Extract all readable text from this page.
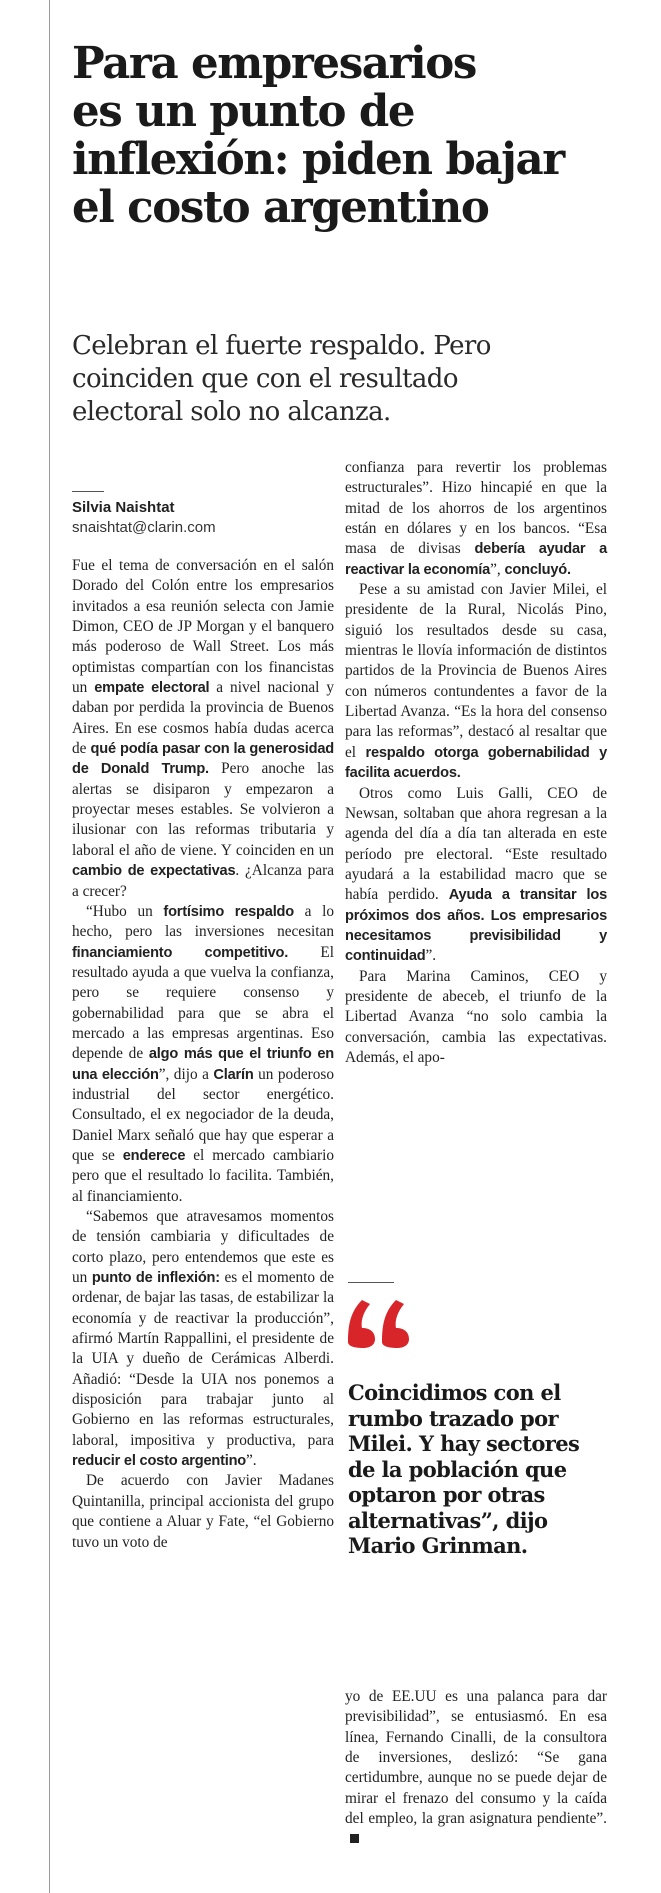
Para empresarios
es un punto de
inflexión: piden bajar
el costo argentino
Celebran el fuerte respaldo. Pero
coinciden que con el resultado
electoral solo no alcanza.
Silvia Naishtat
snaishtat@clarin.com

Fue el tema de conversación en el salón Dorado del Colón entre los empresarios invitados a esa reunión selecta con Jamie Dimon, CEO de JP Morgan y el banquero más poderoso de Wall Street. Los más optimistas compartían con los financistas un empate electoral a nivel nacional y daban por perdida la provincia de Buenos Aires. En ese cosmos había dudas acerca de qué podía pasar con la generosidad de Donald Trump. Pero anoche las alertas se disiparon y empezaron a proyectar meses estables. Se volvieron a ilusionar con las reformas tributaria y laboral el año de viene. Y coinciden en un cambio de expectativas. ¿Alcanza para a crecer?

“Hubo un fortísimo respaldo a lo hecho, pero las inversiones necesitan financiamiento competitivo. El resultado ayuda a que vuelva la confianza, pero se requiere consenso y gobernabilidad para que se abra el mercado a las empresas argentinas. Eso depende de algo más que el triunfo en una elección”, dijo a Clarín un poderoso industrial del sector energético. Consultado, el ex negociador de la deuda, Daniel Marx señaló que hay que esperar a que se enderece el mercado cambiario pero que el resultado lo facilita. También, al financiamiento.

“Sabemos que atravesamos momentos de tensión cambiaria y dificultades de corto plazo, pero entendemos que este es un punto de inflexión: es el momento de ordenar, de bajar las tasas, de estabilizar la economía y de reactivar la producción”, afirmó Martín Rappallini, el presidente de la UIA y dueño de Cerámicas Alberdi. Añadió: “Desde la UIA nos ponemos a disposición para trabajar junto al Gobierno en las reformas estructurales, laboral, impositiva y productiva, para reducir el costo argentino”.

De acuerdo con Javier Madanes Quintanilla, principal accionista del grupo que contiene a Aluar y Fate, “el Gobierno tuvo un voto de

confianza para revertir los problemas estructurales”. Hizo hincapié en que la mitad de los ahorros de los argentinos están en dólares y en los bancos. “Esa masa de divisas debería ayudar a reactivar la economía”, concluyó.

Pese a su amistad con Javier Milei, el presidente de la Rural, Nicolás Pino, siguió los resultados desde su casa, mientras le llovía información de distintos partidos de la Provincia de Buenos Aires con números contundentes a favor de la Libertad Avanza. “Es la hora del consenso para las reformas”, destacó al resaltar que el respaldo otorga gobernabilidad y facilita acuerdos.

Otros como Luis Galli, CEO de Newsan, soltaban que ahora regresan a la agenda del día a día tan alterada en este período pre electoral. “Este resultado ayudará a la estabilidad macro que se había perdido. Ayuda a transitar los próximos dos años. Los empresarios necesitamos previsibilidad y continuidad”.

Para Marina Caminos, CEO y presidente de abeceb, el triunfo de la Libertad Avanza “no solo cambia la conversación, cambia las expectativas. Además, el apo-

Coincidimos con el
rumbo trazado por
Milei. Y hay sectores
de la población que
optaron por otras
alternativas”, dijo
Mario Grinman.

yo de EE.UU es una palanca para dar previsibilidad”, se entusiasmó. En esa línea, Fernando Cinalli, de la consultora de inversiones, deslizó: “Se gana certidumbre, aunque no se puede dejar de mirar el frenazo del consumo y la caída del empleo, la gran asignatura pendiente”.
